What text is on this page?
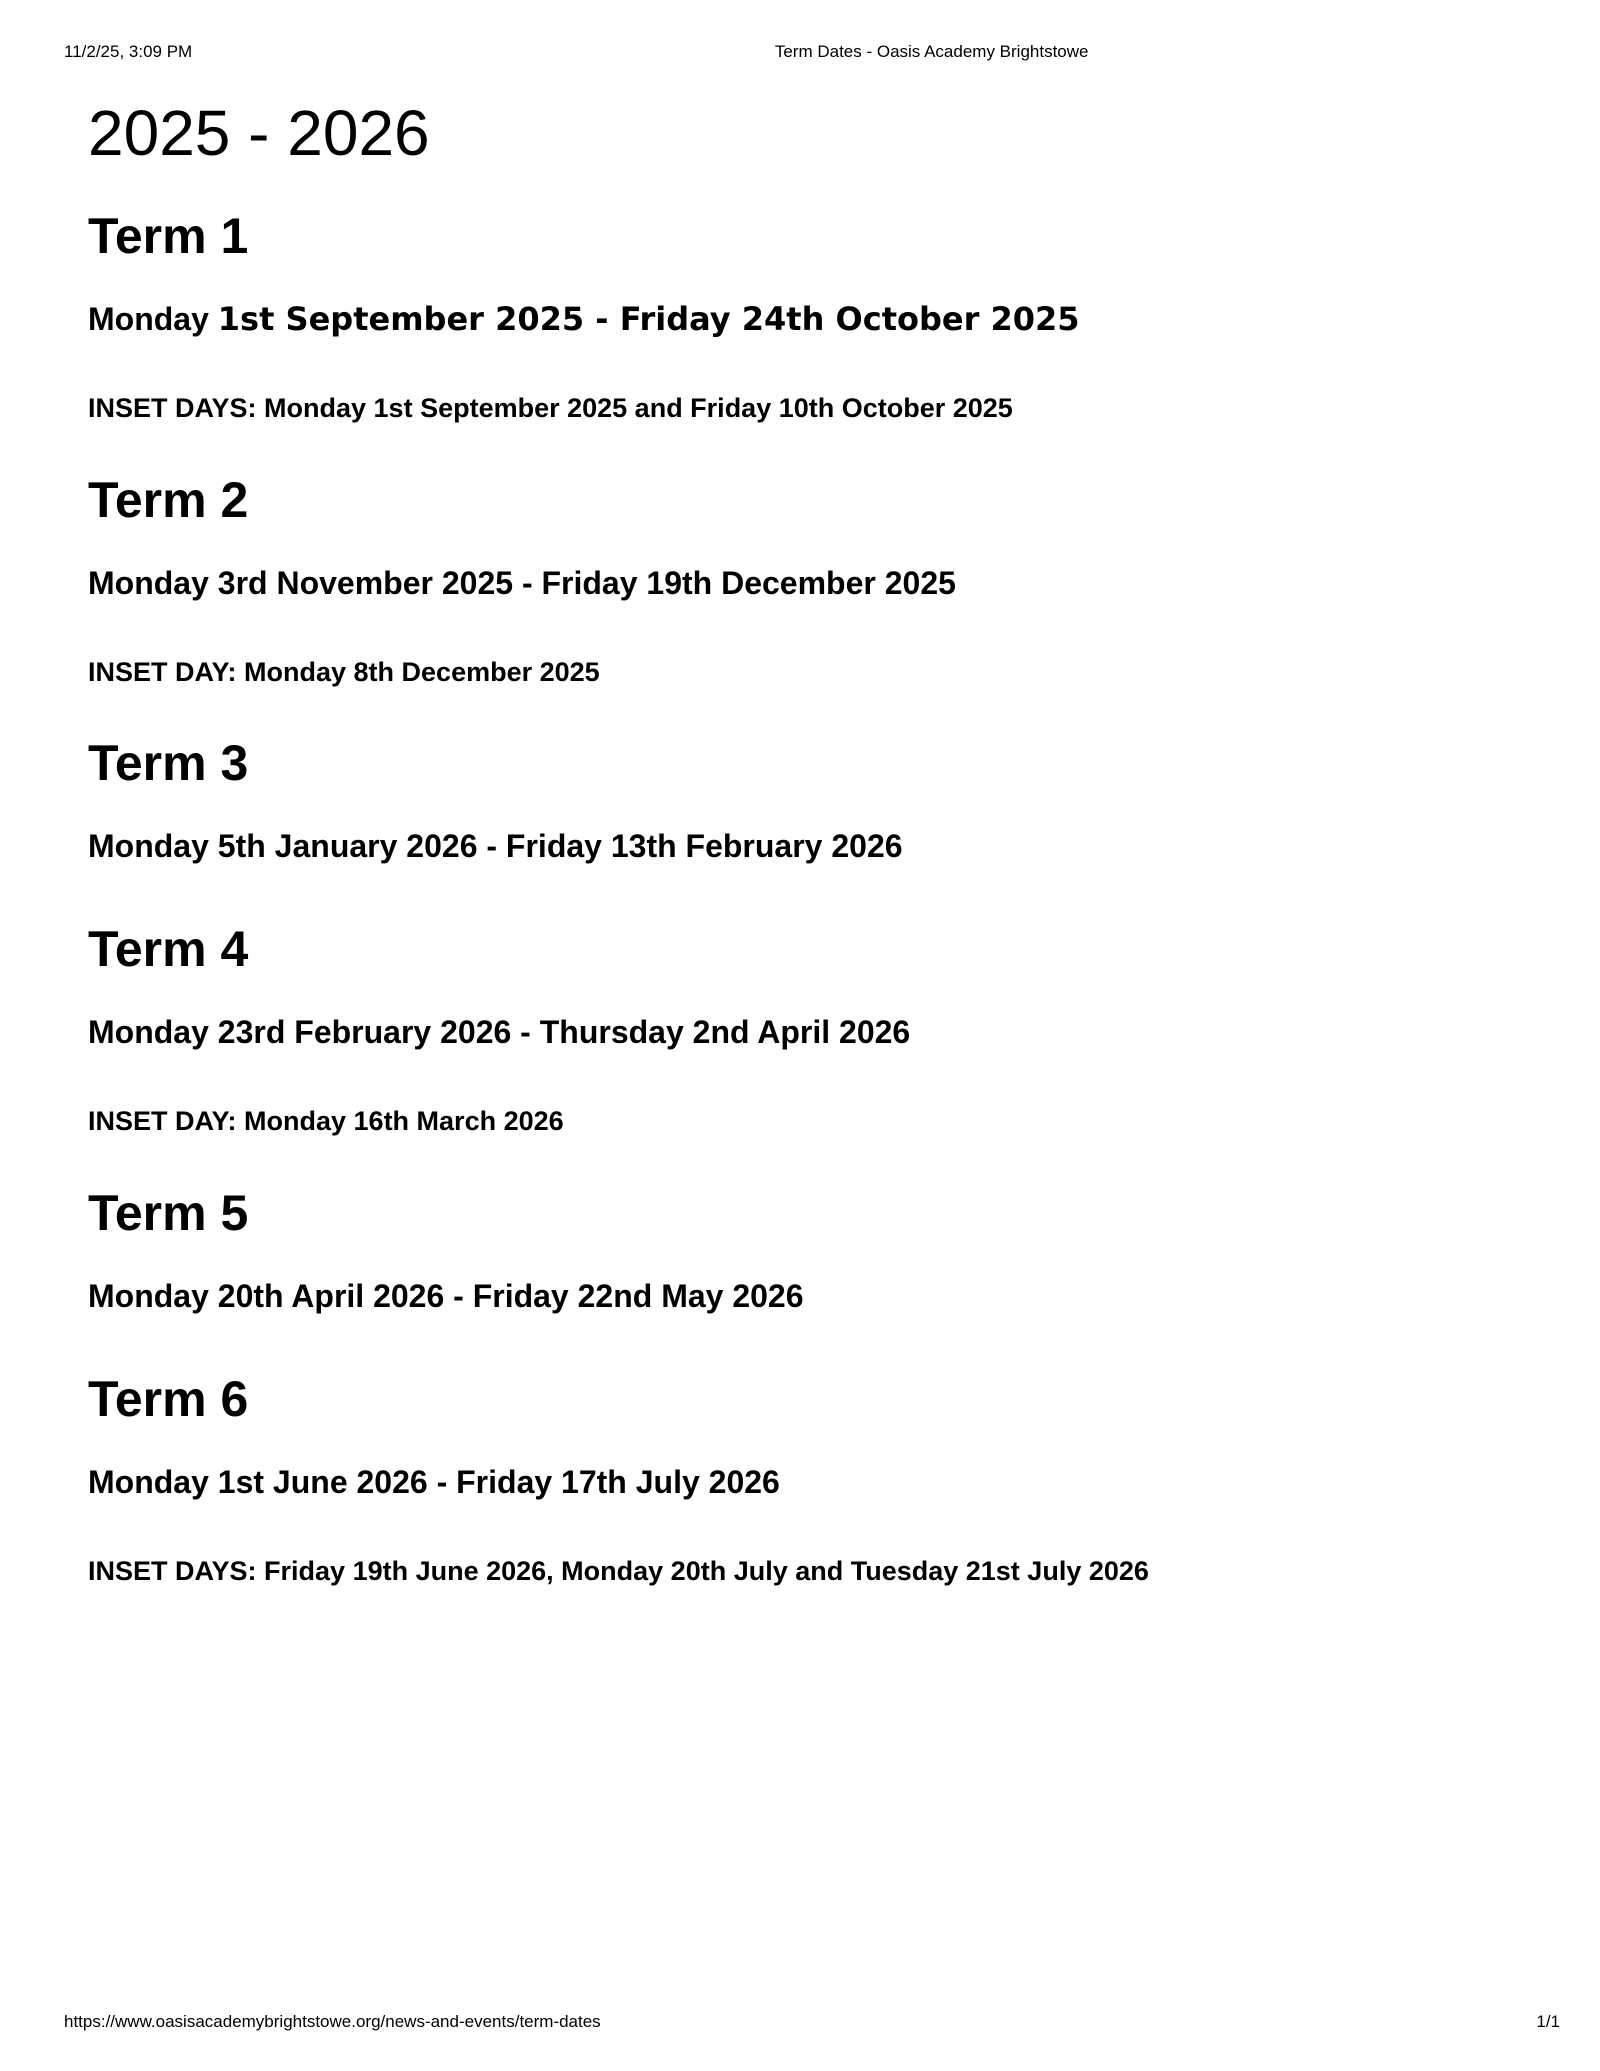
11/2/25, 3:09 PM	Term Dates - Oasis Academy Brightstowe
2025 - 2026
Term 1

Monday 1st September 2025 - Friday 24th October 2025

INSET DAYS: Monday 1st September 2025 and Friday 10th October 2025

Term 2

Monday 3rd November 2025 - Friday 19th December 2025

INSET DAY: Monday 8th December 2025

Term 3

Monday 5th January 2026 - Friday 13th February 2026

Term 4

Monday 23rd February 2026 - Thursday 2nd April 2026

INSET DAY: Monday 16th March 2026

Term 5

Monday 20th April 2026 - Friday 22nd May 2026

Term 6

Monday 1st June 2026 - Friday 17th July 2026

INSET DAYS: Friday 19th June 2026, Monday 20th July and Tuesday 21st July 2026

https://www.oasisacademybrightstowe.org/news-and-events/term-dates	1/1
